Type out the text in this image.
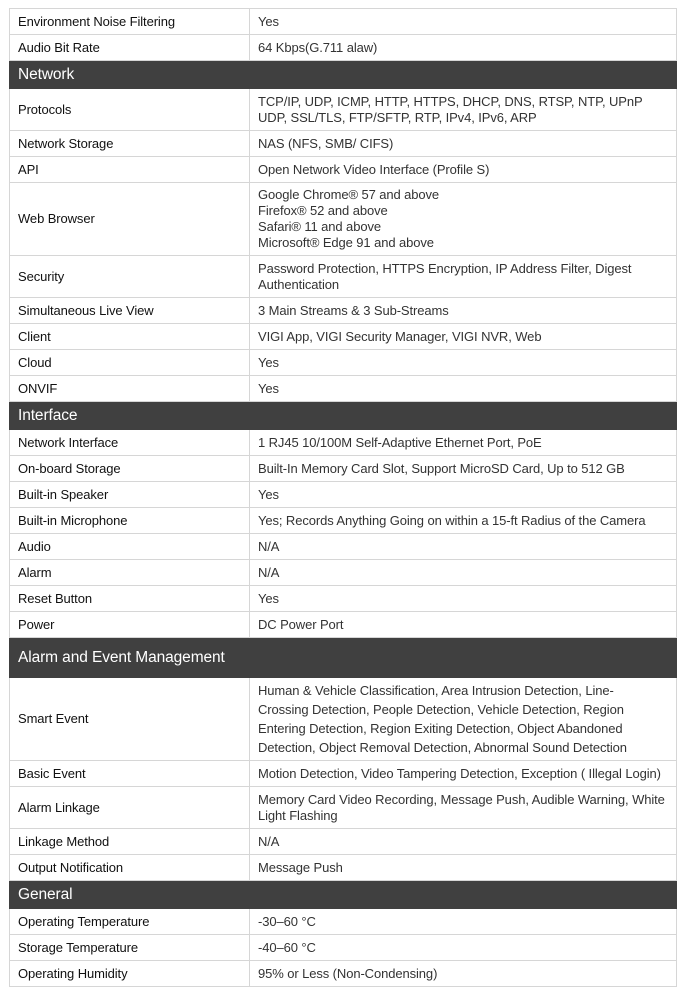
Environment Noise Filtering	Yes

Audio Bit Rate	64 Kbps(G.711 alaw)

Network	
Protocols	TCP/IP, UDP, ICMP, HTTP, HTTPS, DHCP, DNS, RTSP, NTP, UPnP
UDP, SSL/TLS, FTP/SFTP, RTP, IPv4, IPv6, ARP

Network Storage	NAS (NFS, SMB/ CIFS)

API	Open Network Video Interface (Profile S)

Web Browser	Google Chrome® 57 and above
Firefox® 52 and above
Safari® 11 and above
Microsoft® Edge 91 and above

Security	Password Protection, HTTPS Encryption, IP Address Filter, Digest
Authentication

Simultaneous Live View	3 Main Streams & 3 Sub-Streams

Client	VIGI App, VIGI Security Manager, VIGI NVR, Web

Cloud	Yes

ONVIF	Yes

Interface	
Network Interface	1 RJ45 10/100M Self-Adaptive Ethernet Port, PoE

On-board Storage	Built-In Memory Card Slot, Support MicroSD Card, Up to 512 GB

Built-in Speaker	Yes

Built-in Microphone	Yes; Records Anything Going on within a 15-ft Radius of the Camera

Audio	N/A

Alarm	N/A

Reset Button	Yes

Power	DC Power Port

Alarm and Event Management	
Smart Event	Human & Vehicle Classification, Area Intrusion Detection, Line-
Crossing Detection, People Detection, Vehicle Detection, Region
Entering Detection, Region Exiting Detection, Object Abandoned
Detection, Object Removal Detection, Abnormal Sound Detection

Basic Event	Motion Detection, Video Tampering Detection, Exception ( Illegal Login)

Alarm Linkage	Memory Card Video Recording, Message Push, Audible Warning, White
Light Flashing

Linkage Method	N/A

Output Notification	Message Push

General	
Operating Temperature	-30–60 °C

Storage Temperature	-40–60 °C

Operating Humidity	95% or Less (Non-Condensing)
